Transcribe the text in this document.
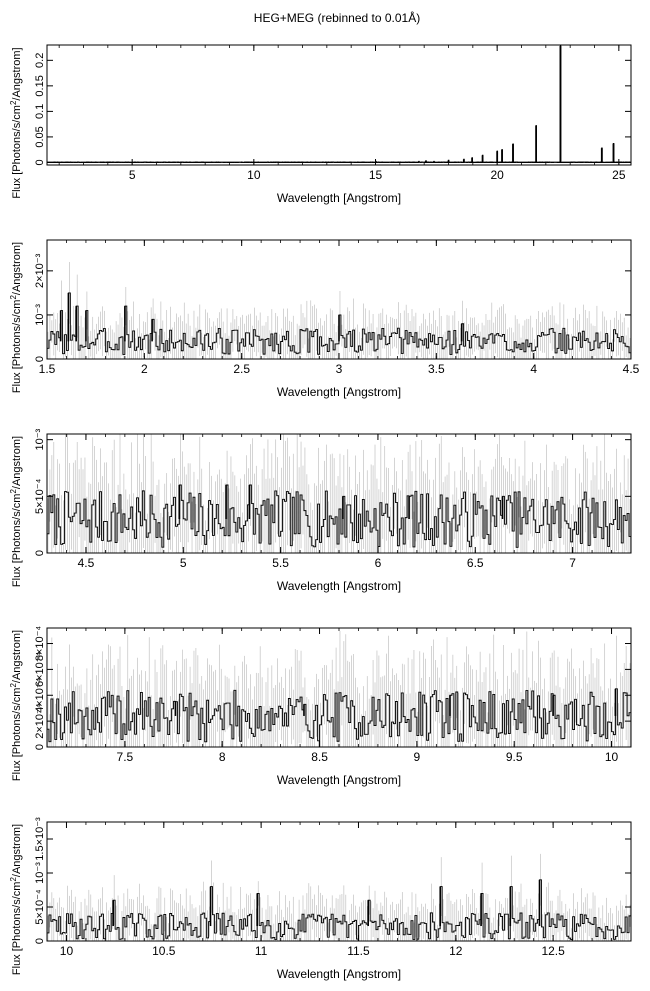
HEG+MEG (rebinned to 0.01Å)
5	10	15	20	25
0
0.05
0.1
0.15
0.2
Wavelength [Angstrom]
Flux $[Photons/s/cm^2/Angstrom]$
1.5	2	2.5	3	3.5	4	4.5
0
10⁻³
2×10⁻³
Wavelength [Angstrom]
Flux $[Photons/s/cm^2/Angstrom]$
4.5	5	5.5	6	6.5	7
0
5×10⁻⁴
10⁻³
Wavelength [Angstrom]
Flux $[Photons/s/cm^2/Angstrom]$
7.5	8	8.5	9	9.5	10
0
2×10⁻⁴
4×10⁻⁴
6×10⁻⁴
8×10⁻⁴
Wavelength [Angstrom]
Flux $[Photons/s/cm^2/Angstrom]$
10	10.5	11	11.5	12	12.5
0
5×10⁻⁴
10⁻³
1.5×10⁻³
Wavelength [Angstrom]
Flux $[Photons/s/cm^2/Angstrom]$
